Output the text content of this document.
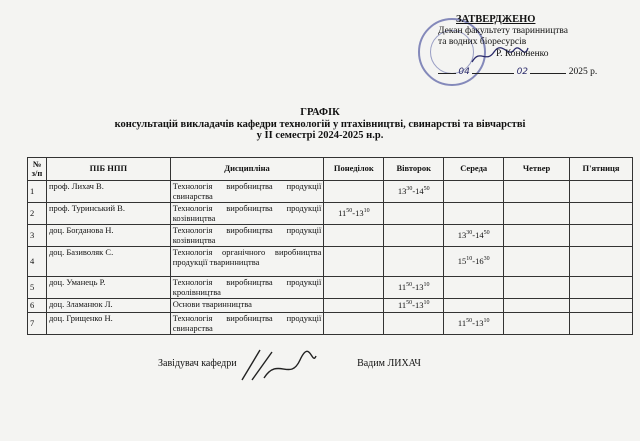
ЗАТВЕРДЖЕНО
Декан факультету тваринництва
та водних біоресурсів
Р. Кононенко
04	02	2025 р.
ГРАФІК
консультацій викладачів кафедри технологій у птахівництві, свинарстві та вівчарстві
у ІІ семестрі 2024-2025 н.р.
№ з/п	ПІБ НПП	Дисципліна	Понеділок	Вівторок	Середа	Четвер	П'ятниця
1	проф. Лихач В.	Технологія виробництва продукції свинарства		$13^{30}-14^{50}$			
2	проф. Туринський В.	Технологія виробництва продукції козівництва	$11^{50}-13^{10}$				
3	доц. Богданова Н.	Технологія виробництва продукції козівництва			$13^{30}-14^{50}$		
4	доц. Базиволяк С.	Технологія органічного виробництва продукції тваринництва			$15^{10}-16^{30}$		
5	доц. Уманець Р.	Технологія виробництва продукції кролівництва		$11^{50}-13^{10}$			
6	доц. Зламанюк Л.	Основи тваринництва		$11^{50}-13^{10}$			
7	доц. Грищенко Н.	Технологія виробництва продукції свинарства			$11^{50}-13^{10}$		
Завідувач кафедри	Вадим ЛИХАЧ
